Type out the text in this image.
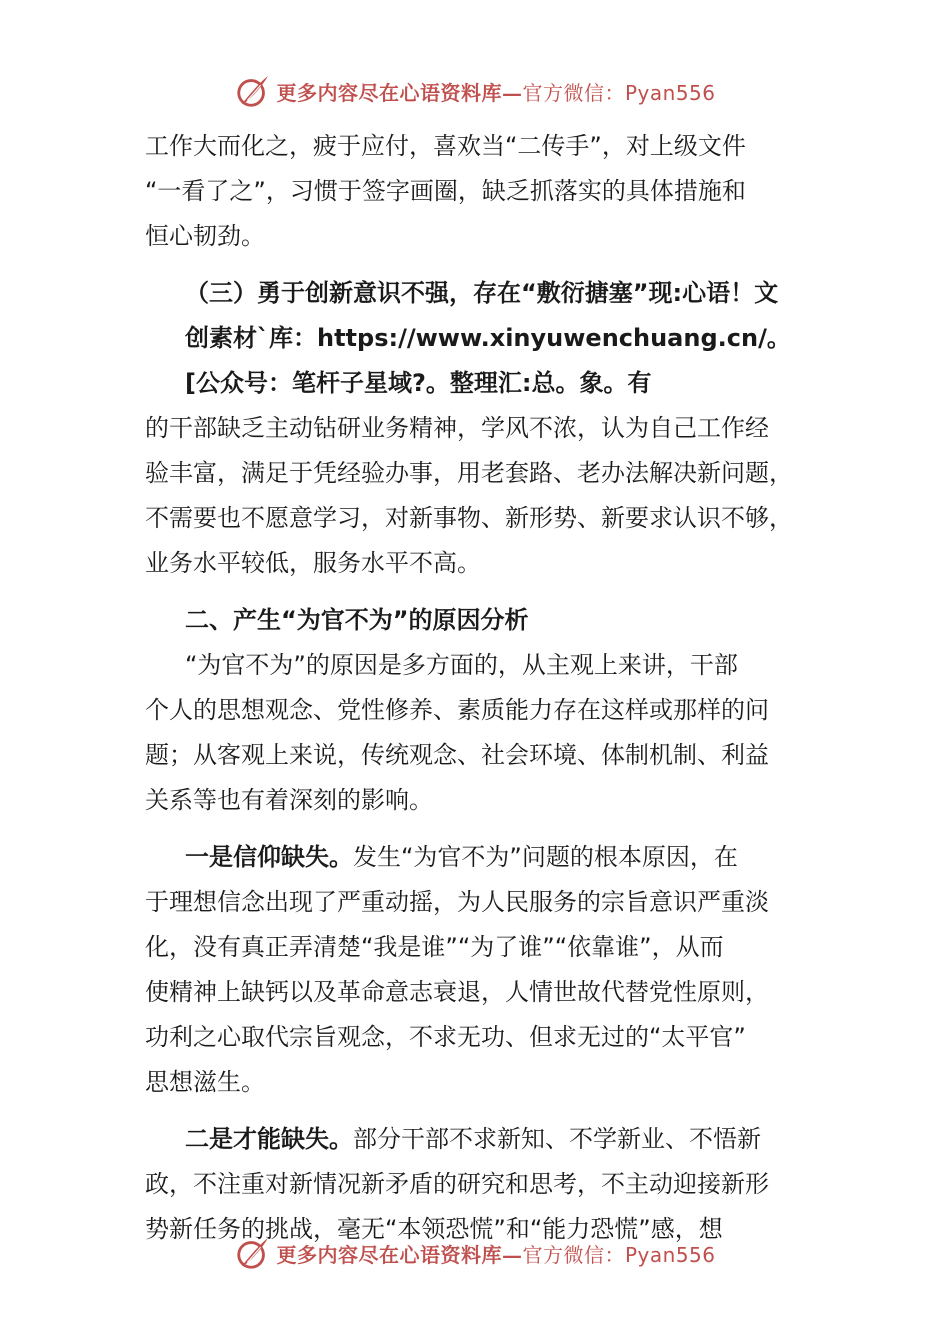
更多内容尽在心语资料库—官方微信：Pyan556

工作大而化之，疲于应付，喜欢当“二传手”，对上级文件

“一看了之”，习惯于签字画圈，缺乏抓落实的具体措施和

恒心韧劲。

（三）勇于创新意识不强，存在“敷衍搪塞”现:心语！文

创素材`库：https://www.xinyuwenchuang.cn/。

[公众号：笔杆子星域?。整理汇:总。象。有

的干部缺乏主动钻研业务精神，学风不浓，认为自己工作经

验丰富，满足于凭经验办事，用老套路、老办法解决新问题，

不需要也不愿意学习，对新事物、新形势、新要求认识不够，

业务水平较低，服务水平不高。

二、产生“为官不为”的原因分析

“为官不为”的原因是多方面的，从主观上来讲，干部

个人的思想观念、党性修养、素质能力存在这样或那样的问

题；从客观上来说，传统观念、社会环境、体制机制、利益

关系等也有着深刻的影响。

一是信仰缺失。发生“为官不为”问题的根本原因，在

于理想信念出现了严重动摇，为人民服务的宗旨意识严重淡

化，没有真正弄清楚“我是谁”“为了谁”“依靠谁”，从而

使精神上缺钙以及革命意志衰退，人情世故代替党性原则，

功利之心取代宗旨观念，不求无功、但求无过的“太平官”

思想滋生。

二是才能缺失。部分干部不求新知、不学新业、不悟新

政，不注重对新情况新矛盾的研究和思考，不主动迎接新形

势新任务的挑战，毫无“本领恐慌”和“能力恐慌”感，想

更多内容尽在心语资料库—官方微信：Pyan556
